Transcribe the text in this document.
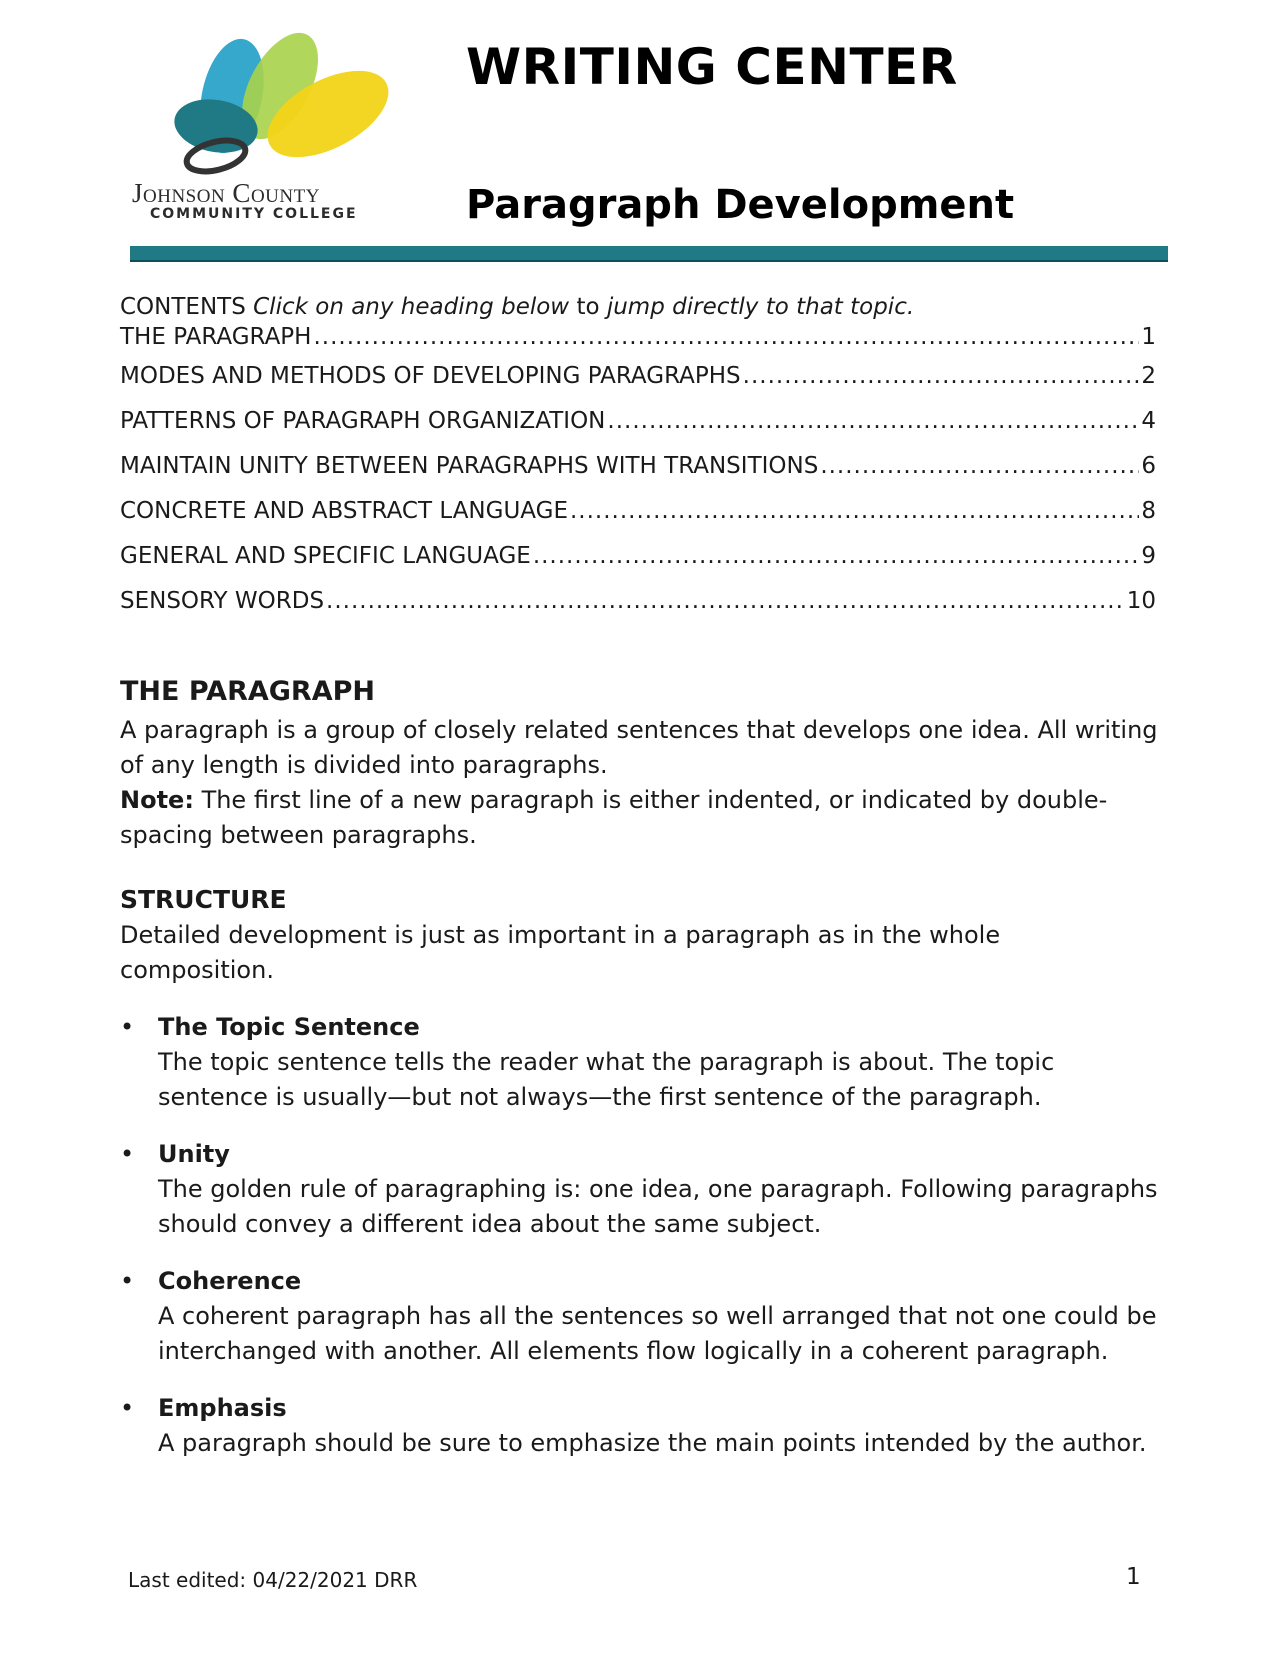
Johnson County
COMMUNITY COLLEGE
WRITING CENTER
Paragraph Development
CONTENTS Click on any heading below to jump directly to that topic.
THE PARAGRAPH .....	1
MODES AND METHODS OF DEVELOPING PARAGRAPHS .....	2
PATTERNS OF PARAGRAPH ORGANIZATION .....	4
MAINTAIN UNITY BETWEEN PARAGRAPHS WITH TRANSITIONS .....	6
CONCRETE AND ABSTRACT LANGUAGE .....	8
GENERAL AND SPECIFIC LANGUAGE .....	9
SENSORY WORDS .....	10
THE PARAGRAPH

A paragraph is a group of closely related sentences that develops one idea. All writing of any length is divided into paragraphs.

Note: The first line of a new paragraph is either indented, or indicated by double-spacing between paragraphs.

STRUCTURE

Detailed development is just as important in a paragraph as in the whole composition.

• The Topic Sentence
The topic sentence tells the reader what the paragraph is about. The topic sentence is usually—but not always—the first sentence of the paragraph.
• Unity
The golden rule of paragraphing is: one idea, one paragraph. Following paragraphs should convey a different idea about the same subject.
• Coherence
A coherent paragraph has all the sentences so well arranged that not one could be interchanged with another. All elements flow logically in a coherent paragraph.
• Emphasis
A paragraph should be sure to emphasize the main points intended by the author.
Last edited: 04/22/2021 DRR	1
